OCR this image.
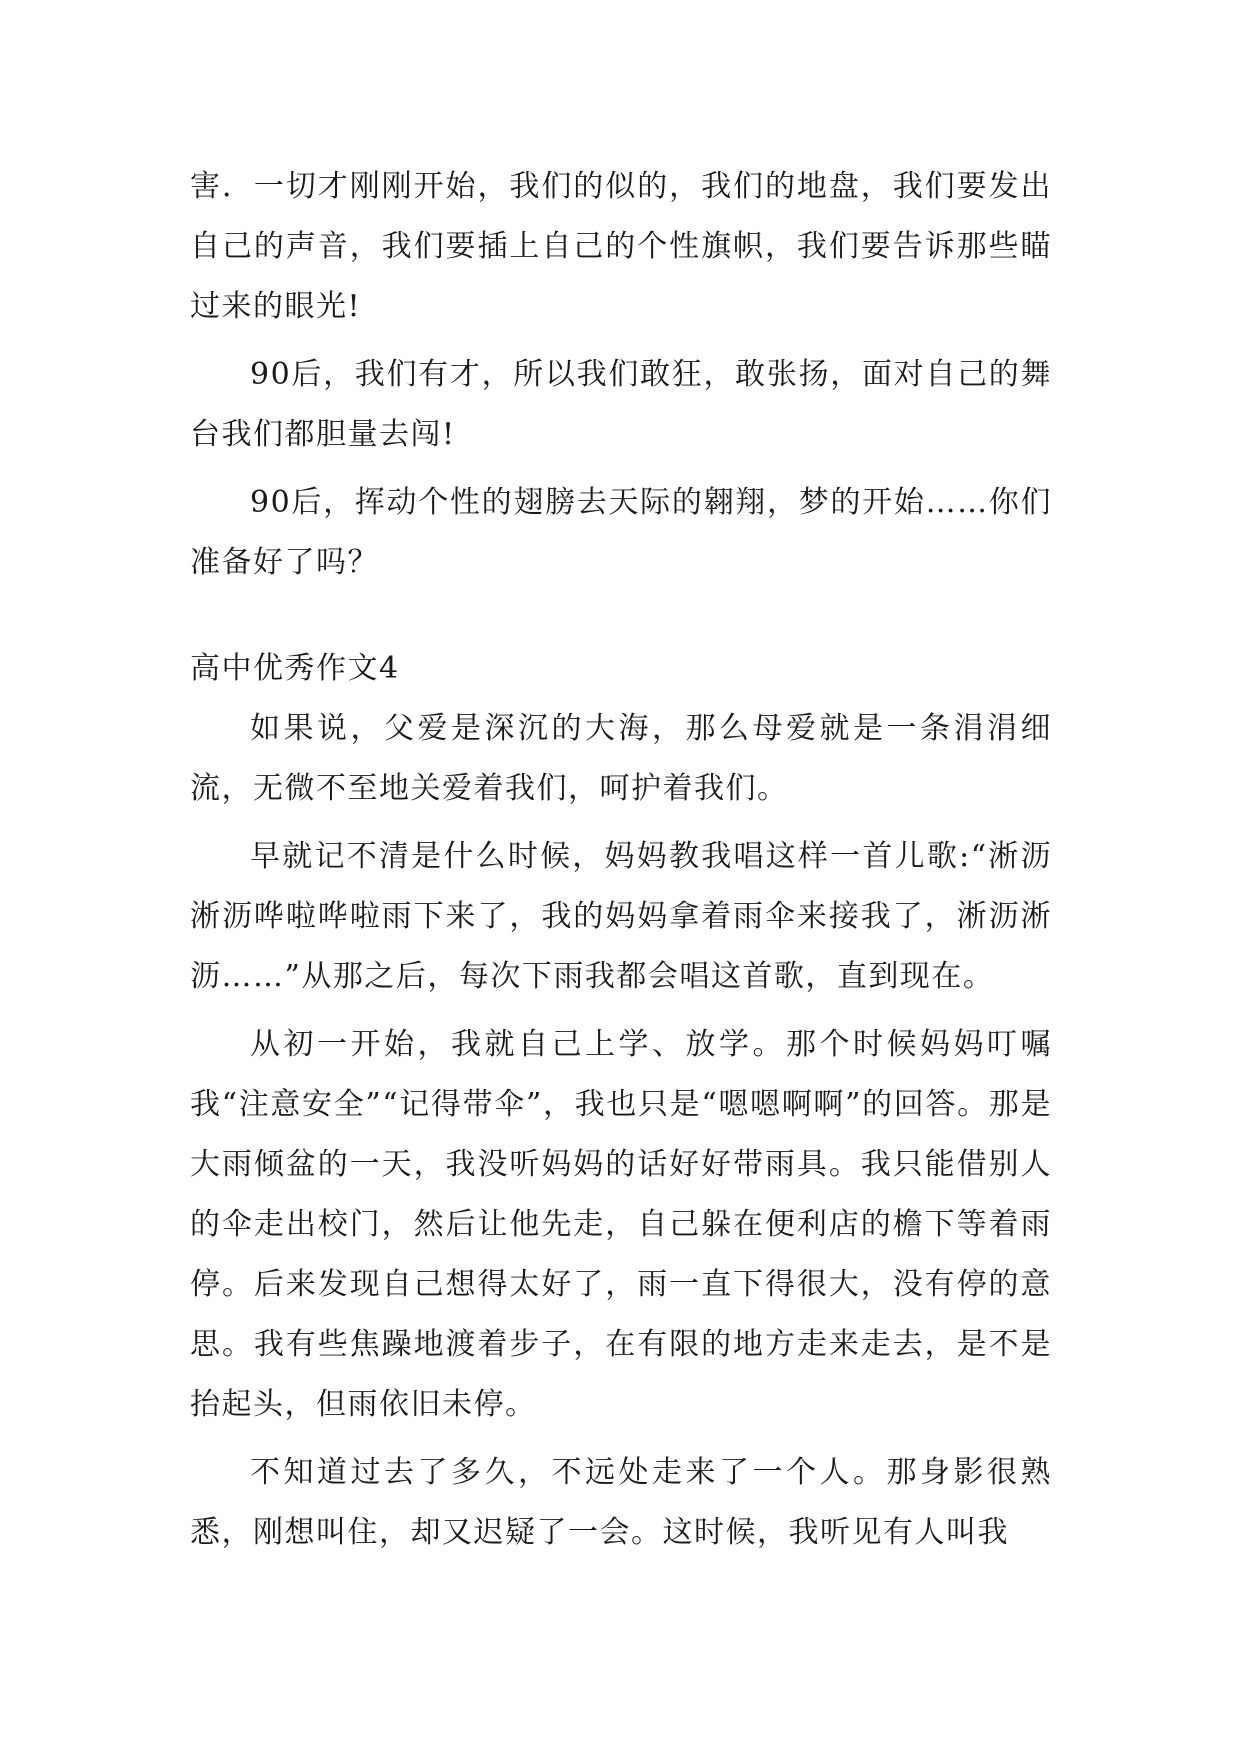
害．一切才刚刚开始，我们的似的，我们的地盘，我们要发出自己的声音，我们要插上自己的个性旗帜，我们要告诉那些瞄过来的眼光!

90后，我们有才，所以我们敢狂，敢张扬，面对自己的舞台我们都胆量去闯!

90后，挥动个性的翅膀去天际的翱翔，梦的开始……你们准备好了吗？

高中优秀作文4

如果说，父爱是深沉的大海，那么母爱就是一条涓涓细流，无微不至地关爱着我们，呵护着我们。

早就记不清是什么时候，妈妈教我唱这样一首儿歌:“淅沥淅沥哗啦哗啦雨下来了，我的妈妈拿着雨伞来接我了，淅沥淅沥……”从那之后，每次下雨我都会唱这首歌，直到现在。

从初一开始，我就自己上学、放学。那个时候妈妈叮嘱我“注意安全”“记得带伞”，我也只是“嗯嗯啊啊”的回答。那是大雨倾盆的一天，我没听妈妈的话好好带雨具。我只能借别人的伞走出校门，然后让他先走，自己躲在便利店的檐下等着雨停。后来发现自己想得太好了，雨一直下得很大，没有停的意思。我有些焦躁地渡着步子，在有限的地方走来走去，是不是抬起头，但雨依旧未停。

不知道过去了多久，不远处走来了一个人。那身影很熟悉，刚想叫住，却又迟疑了一会。这时候，我听见有人叫我
